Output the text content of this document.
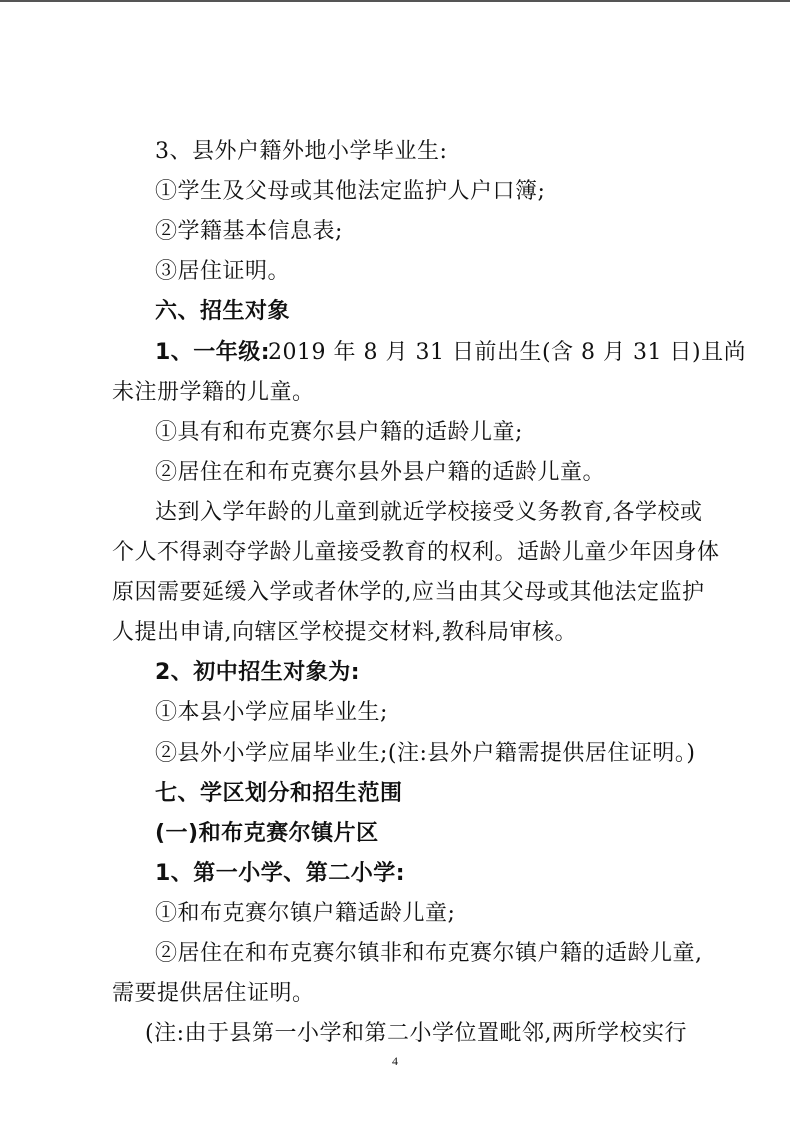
3、县外户籍外地小学毕业生:
①学生及父母或其他法定监护人户口簿;
②学籍基本信息表;
③居住证明。
六、招生对象
1、一年级:
2019 年 8 月 31 日前出生(含 8 月 31 日)且尚
未注册学籍的儿童。
①具有和布克赛尔县户籍的适龄儿童;
②居住在和布克赛尔县外县户籍的适龄儿童。
达到入学年龄的儿童到就近学校接受义务教育,各学校或
个人不得剥夺学龄儿童接受教育的权利。适龄儿童少年因身体
原因需要延缓入学或者休学的,应当由其父母或其他法定监护
人提出申请,向辖区学校提交材料,教科局审核。
2、初中招生对象为:
①本县小学应届毕业生;
②县外小学应届毕业生;(注:县外户籍需提供居住证明。)
七、学区划分和招生范围
(一)和布克赛尔镇片区
1、第一小学、第二小学:
①和布克赛尔镇户籍适龄儿童;
②居住在和布克赛尔镇非和布克赛尔镇户籍的适龄儿童,
需要提供居住证明。
(注:由于县第一小学和第二小学位置毗邻,两所学校实行
4
